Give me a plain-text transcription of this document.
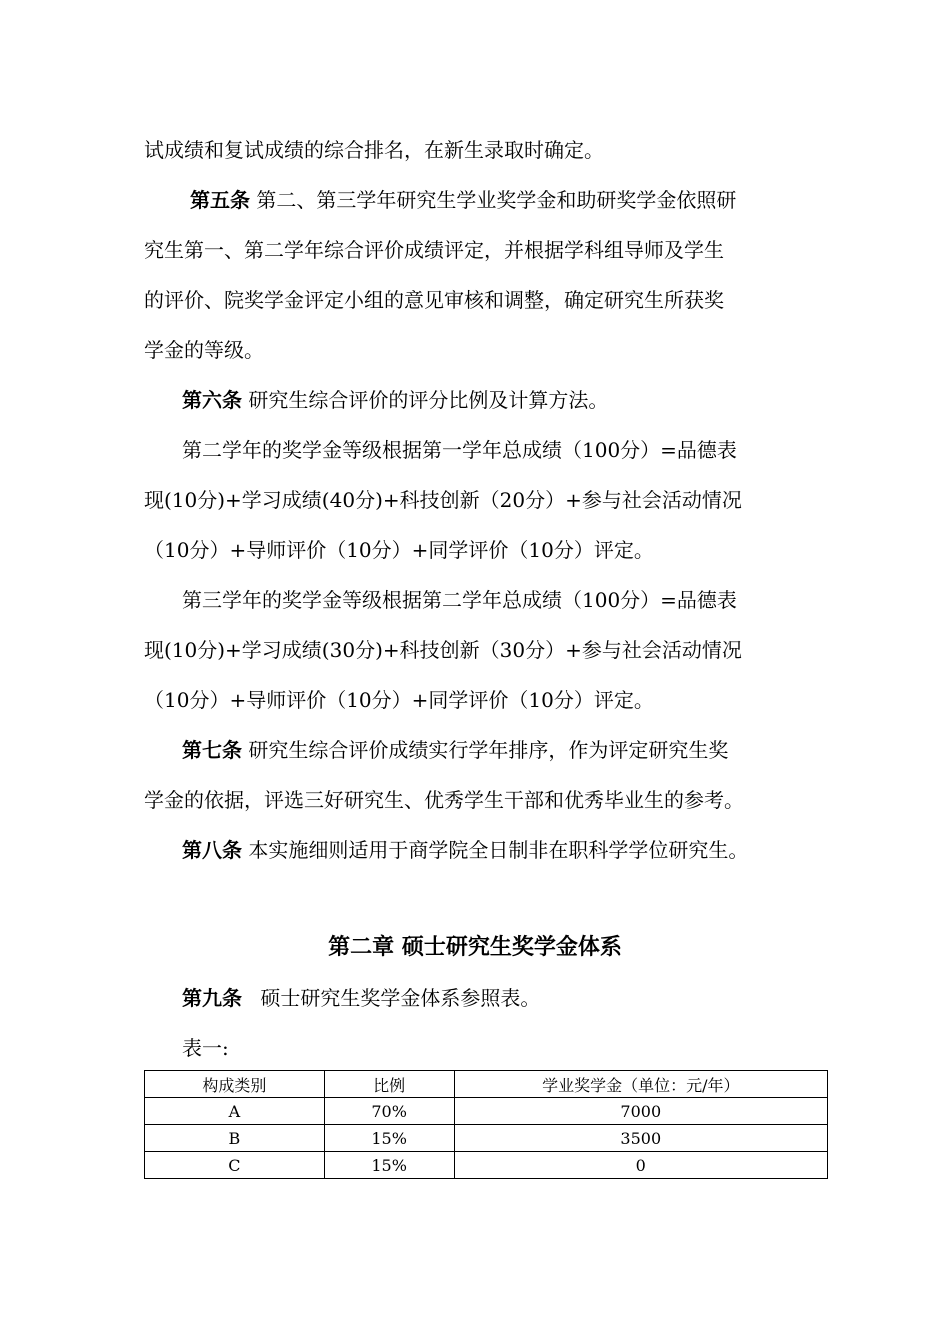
试成绩和复试成绩的综合排名，在新生录取时确定。
第五条 第二、第三学年研究生学业奖学金和助研奖学金依照研
究生第一、第二学年综合评价成绩评定，并根据学科组导师及学生
的评价、院奖学金评定小组的意见审核和调整，确定研究生所获奖
学金的等级。
第六条 研究生综合评价的评分比例及计算方法。
第二学年的奖学金等级根据第一学年总成绩（100分）=品德表
现(10分)+学习成绩(40分)+科技创新（20分）+参与社会活动情况
（10分）+导师评价（10分）+同学评价（10分）评定。
第三学年的奖学金等级根据第二学年总成绩（100分）=品德表
现(10分)+学习成绩(30分)+科技创新（30分）+参与社会活动情况
（10分）+导师评价（10分）+同学评价（10分）评定。
第七条 研究生综合评价成绩实行学年排序，作为评定研究生奖
学金的依据，评选三好研究生、优秀学生干部和优秀毕业生的参考。
第八条 本实施细则适用于商学院全日制非在职科学学位研究生。
第二章 硕士研究生奖学金体系
第九条 硕士研究生奖学金体系参照表。
表一:
构成类别	比例	学业奖学金（单位：元/年）
A	70%	7000
B	15%	3500
C	15%	0
